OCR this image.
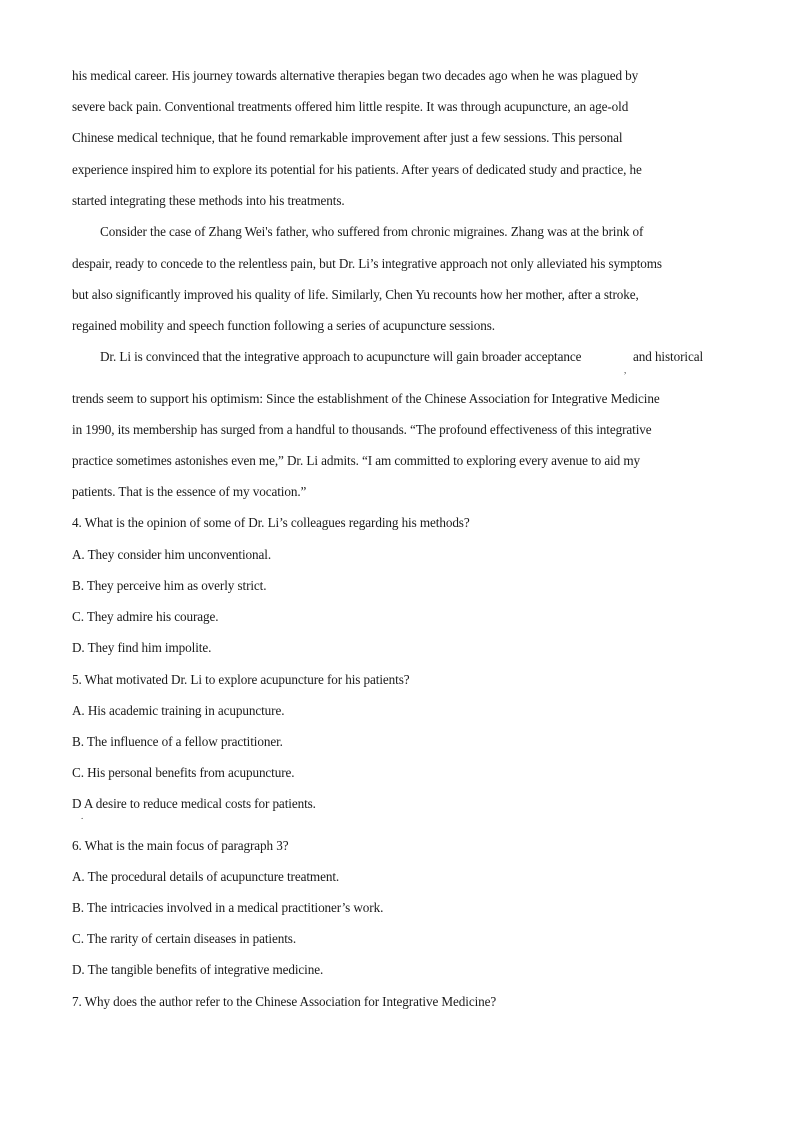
his medical career. His journey towards alternative therapies began two decades ago when he was plagued by
severe back pain. Conventional treatments offered him little respite. It was through acupuncture, an age-old
Chinese medical technique, that he found remarkable improvement after just a few sessions. This personal
experience inspired him to explore its potential for his patients. After years of dedicated study and practice, he
started integrating these methods into his treatments.
Consider the case of Zhang Wei's father, who suffered from chronic migraines. Zhang was at the brink of
despair, ready to concede to the relentless pain, but Dr. Li’s integrative approach not only alleviated his symptoms
but also significantly improved his quality of life. Similarly, Chen Yu recounts how her mother, after a stroke,
regained mobility and speech function following a series of acupuncture sessions.
Dr. Li is convinced that the integrative approach to acupuncture will gain broader acceptance
,
and historical
trends seem to support his optimism: Since the establishment of the Chinese Association for Integrative Medicine
in 1990, its membership has surged from a handful to thousands. “The profound effectiveness of this integrative
practice sometimes astonishes even me,” Dr. Li admits. “I am committed to exploring every avenue to aid my
patients. That is the essence of my vocation.”
4. What is the opinion of some of Dr. Li’s colleagues regarding his methods?
A. They consider him unconventional.
B. They perceive him as overly strict.
C. They admire his courage.
D. They find him impolite.
5. What motivated Dr. Li to explore acupuncture for his patients?
A. His academic training in acupuncture.
B. The influence of a fellow practitioner.
C. His personal benefits from acupuncture.
D A desire to reduce medical costs for patients.
.
6. What is the main focus of paragraph 3?
A. The procedural details of acupuncture treatment.
B. The intricacies involved in a medical practitioner’s work.
C. The rarity of certain diseases in patients.
D. The tangible benefits of integrative medicine.
7. Why does the author refer to the Chinese Association for Integrative Medicine?
